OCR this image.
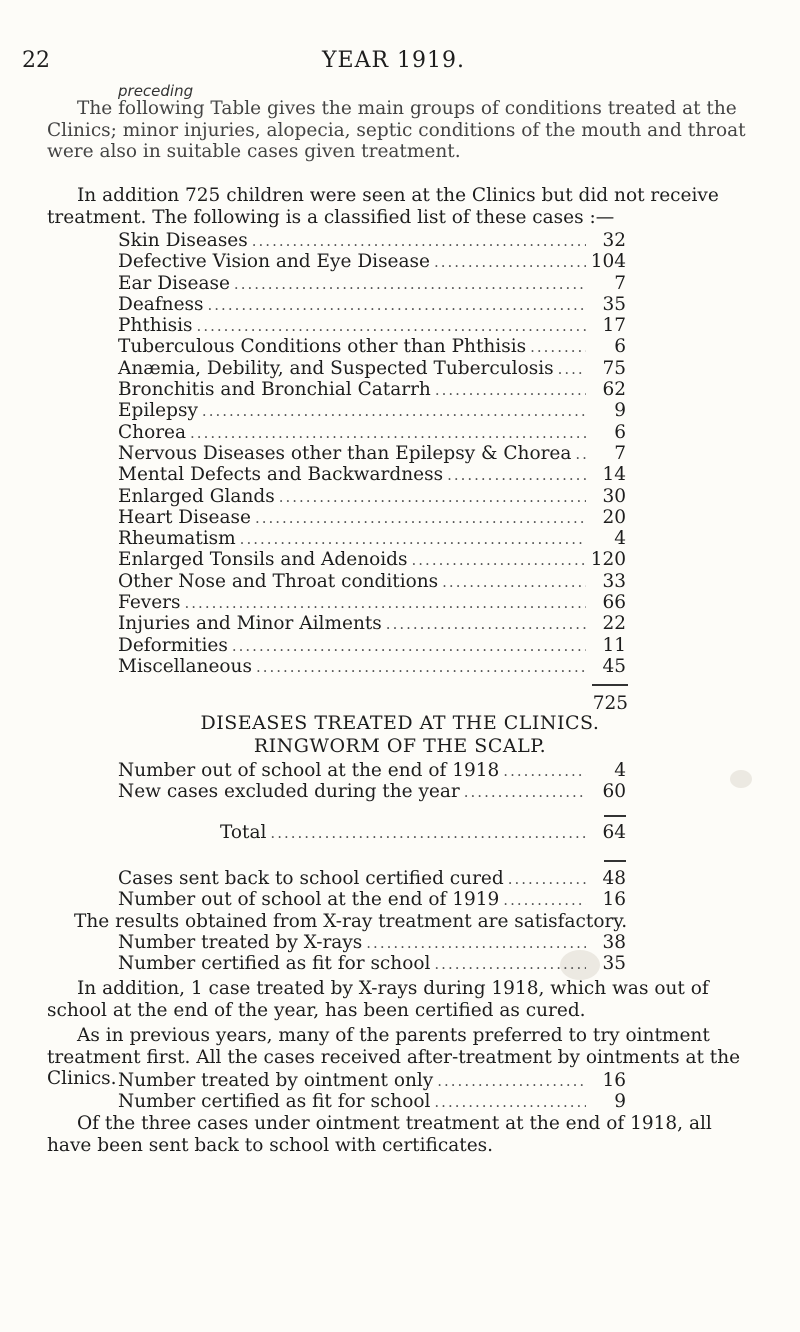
22	YEAR 1919.
preceding

The following Table gives the main groups of conditions treated at the Clinics; minor injuries, alopecia, septic conditions of the mouth and throat were also in suitable cases given treatment.

In addition 725 children were seen at the Clinics but did not receive treatment. The following is a classified list of these cases :—

Skin Diseases .....	32
Defective Vision and Eye Disease .....	104
Ear Disease .....	7
Deafness .....	35
Phthisis .....	17
Tuberculous Conditions other than Phthisis .....	6
Anæmia, Debility, and Suspected Tuberculosis .....	75
Bronchitis and Bronchial Catarrh .....	62
Epilepsy .....	9
Chorea .....	6
Nervous Diseases other than Epilepsy & Chorea .....	7
Mental Defects and Backwardness .....	14
Enlarged Glands .....	30
Heart Disease .....	20
Rheumatism .....	4
Enlarged Tonsils and Adenoids .....	120
Other Nose and Throat conditions .....	33
Fevers .....	66
Injuries and Minor Ailments .....	22
Deformities .....	11
Miscellaneous .....	45
725
DISEASES TREATED AT THE CLINICS.
RINGWORM OF THE SCALP.
Number out of school at the end of 1918 .....	4
New cases excluded during the year .....	60
Total .....	64
Cases sent back to school certified cured .....	48
Number out of school at the end of 1919 .....	16
The results obtained from X-ray treatment are satisfactory.
Number treated by X-rays .....	38
Number certified as fit for school .....	35

In addition, 1 case treated by X-rays during 1918, which was out of school at the end of the year, has been certified as cured.

As in previous years, many of the parents preferred to try ointment treatment first. All the cases received after-treatment by ointments at the Clinics. Number treated by ointment only .....	16
Number certified as fit for school .....	9

Of the three cases under ointment treatment at the end of 1918, all have been sent back to school with certificates.
